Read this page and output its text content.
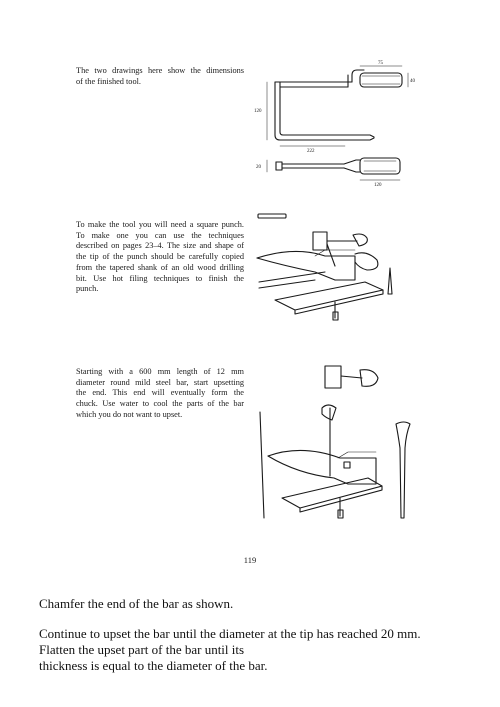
The two drawings here show the dimensions
of the finished tool.
To make the tool you will need a square punch.
To make one you can use the techniques
described on pages 23–4. The size and shape of
the tip of the punch should be carefully copied
from the tapered shank of an old wood drilling
bit. Use hot filing techniques to finish the
punch.
Starting with a 600 mm length of 12 mm
diameter round mild steel bar, start upsetting
the end. This end will eventually form the
chuck. Use water to cool the parts of the bar
which you do not want to upset.
75
40
120
222
20
120
119

Chamfer the end of the bar as shown.

Continue to upset the bar until the diameter at the tip has reached 20 mm.

Flatten the upset part of the bar until its

thickness is equal to the diameter of the bar.
